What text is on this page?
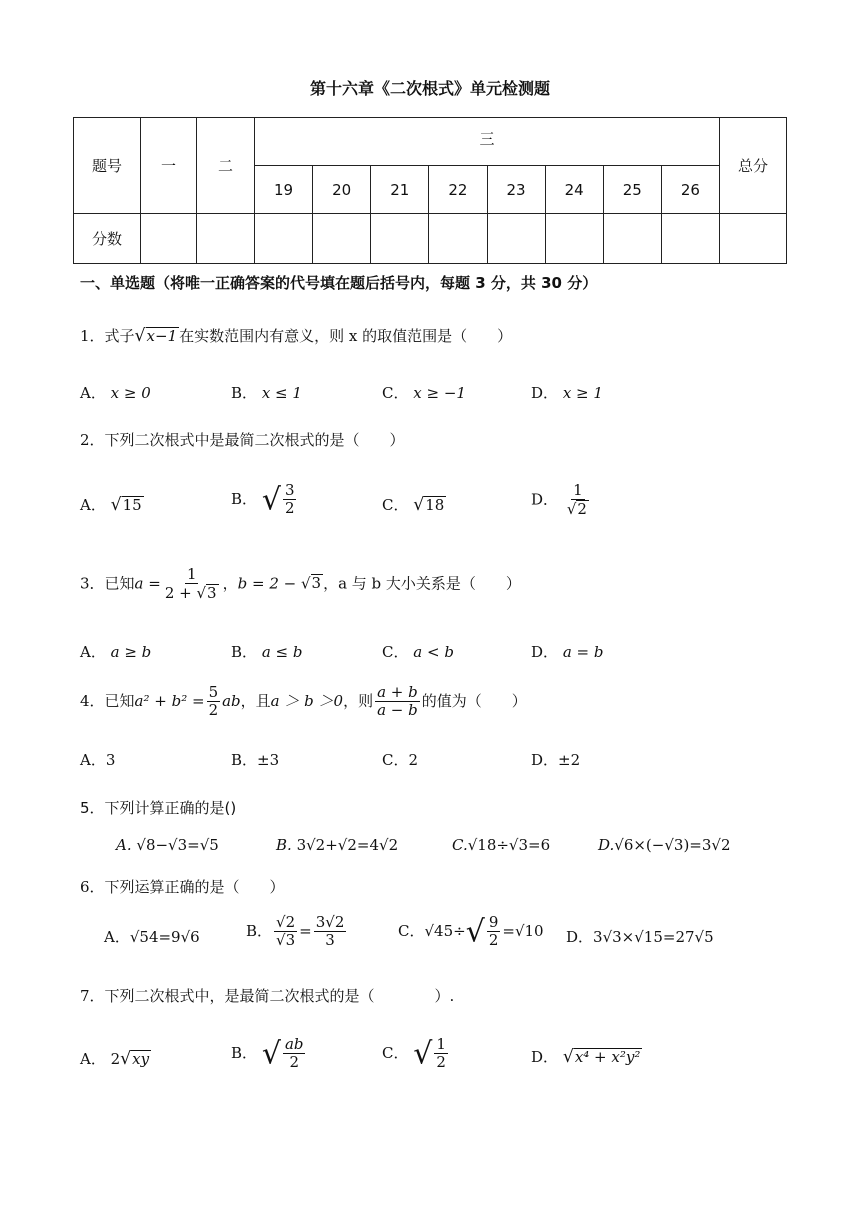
第十六章《二次根式》单元检测题
题号	一	二	三								总分
			19	20	21	22	23	24	25	26	
分数											
一、单选题（将唯一正确答案的代号填在题后括号内，每题 3 分，共 30 分）
1．式子√x−1 在实数范围内有意义，则 x 的取值范围是（　　）
A． x ≥ 0	B． x ≤ 1	C． x ≥ −1	D． x ≥ 1
2．下列二次根式中是最简二次根式的是（　　）
A． √15	B． √ $\frac{3}{2}$	C． √18	D． $\frac{1}{√2}$
3．已知$a = \frac{1}{2 + √3}$ ，b = 2 − √3 ，a 与 b 大小关系是（　　）
A． a ≥ b	B． a ≤ b	C． a < b	D． a = b
4．已知$a^2 + b^2 = \frac{5}{2}$ ab，且a ＞ b ＞0，则 $\frac{a + b}{a - b}$ 的值为（　　）
A．3	B．±3	C．2	D．±2
5．下列计算正确的是()
A. √8−√3=√5	B. 3√2+√2=4√2	C.√18÷√3=6	D.√6×(−√3)=3√2
6．下列运算正确的是（　　）
A．√54=9√6	B． $\frac{√2}{√3} = \frac{3√2}{3}$	C．$√45\div√ \frac{9}{2} =√10$ D．3√3×√15=27√5
7．下列二次根式中，是最简二次根式的是（　　　　）.
A． 2√xy	B． √ $\frac{ab}{2}$	C． √ $\frac{1}{2}$	D． √x⁴ + x²y²
